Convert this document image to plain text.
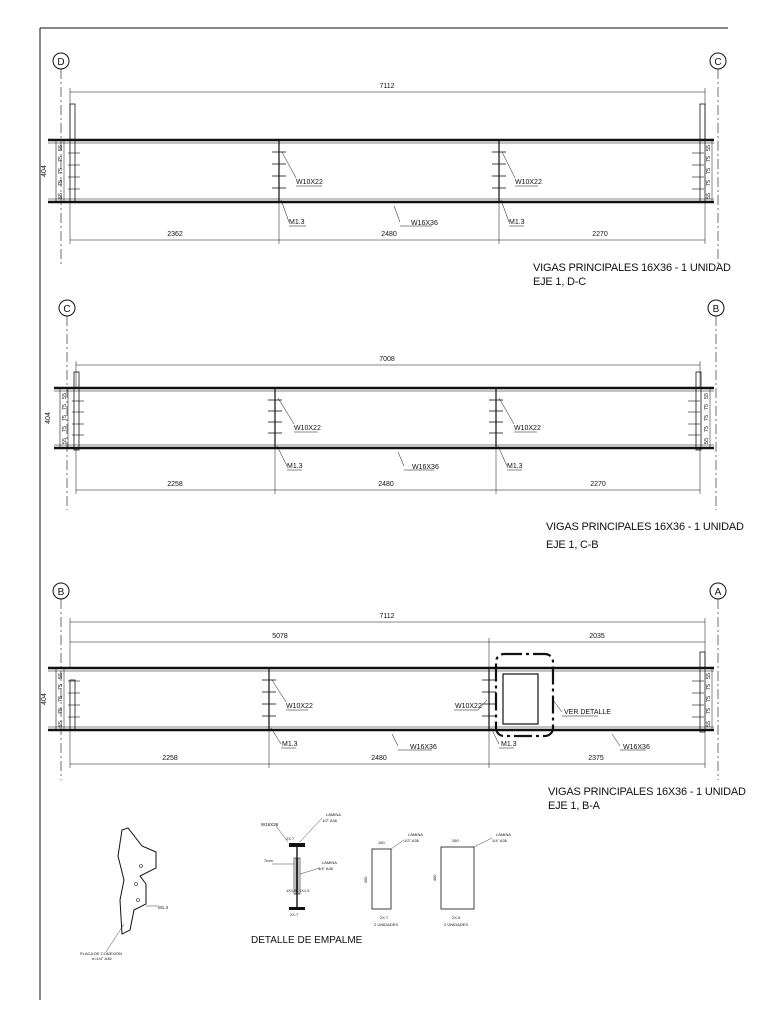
D	C
7112
404
55
75
75
75
55
55
75
75
75
55
W10X22
M1.3
W10X22
M1.3
W16X36
2362	2480	2270
C	B
7008
404
55
75
75
75
55
55
75
75
75
55
W10X22
M1.3
W10X22
M1.3
W16X36
2258	2480	2270
B	A
7112
5078	2035
404
55
75
75
75
55
55
75
75
75
55
W10X22
M1.3
W10X22
M1.3
VER DETALLE
W16X36	W16X36
2258	2480	2375
M1.3
PLACA DE CONEXIÓN
e=1/4" A36
W16X36
LÁMINA
1/2" A36
LÁMINA
1/4" A36
7mm
2X.7
1X1.5 1X1.5
2X.7
DETALLE DE EMPALME
180
400
LÁMINA
1/2" A36
2X.7
2 UNIDADES
260
400
LÁMINA
1/4" A36
2X.5
2 UNIDADES
VIGAS PRINCIPALES 16X36 - 1 UNIDAD
EJE 1, D-C
VIGAS PRINCIPALES 16X36 - 1 UNIDAD
EJE 1, C-B
VIGAS PRINCIPALES 16X36 - 1 UNIDAD
EJE 1, B-A
